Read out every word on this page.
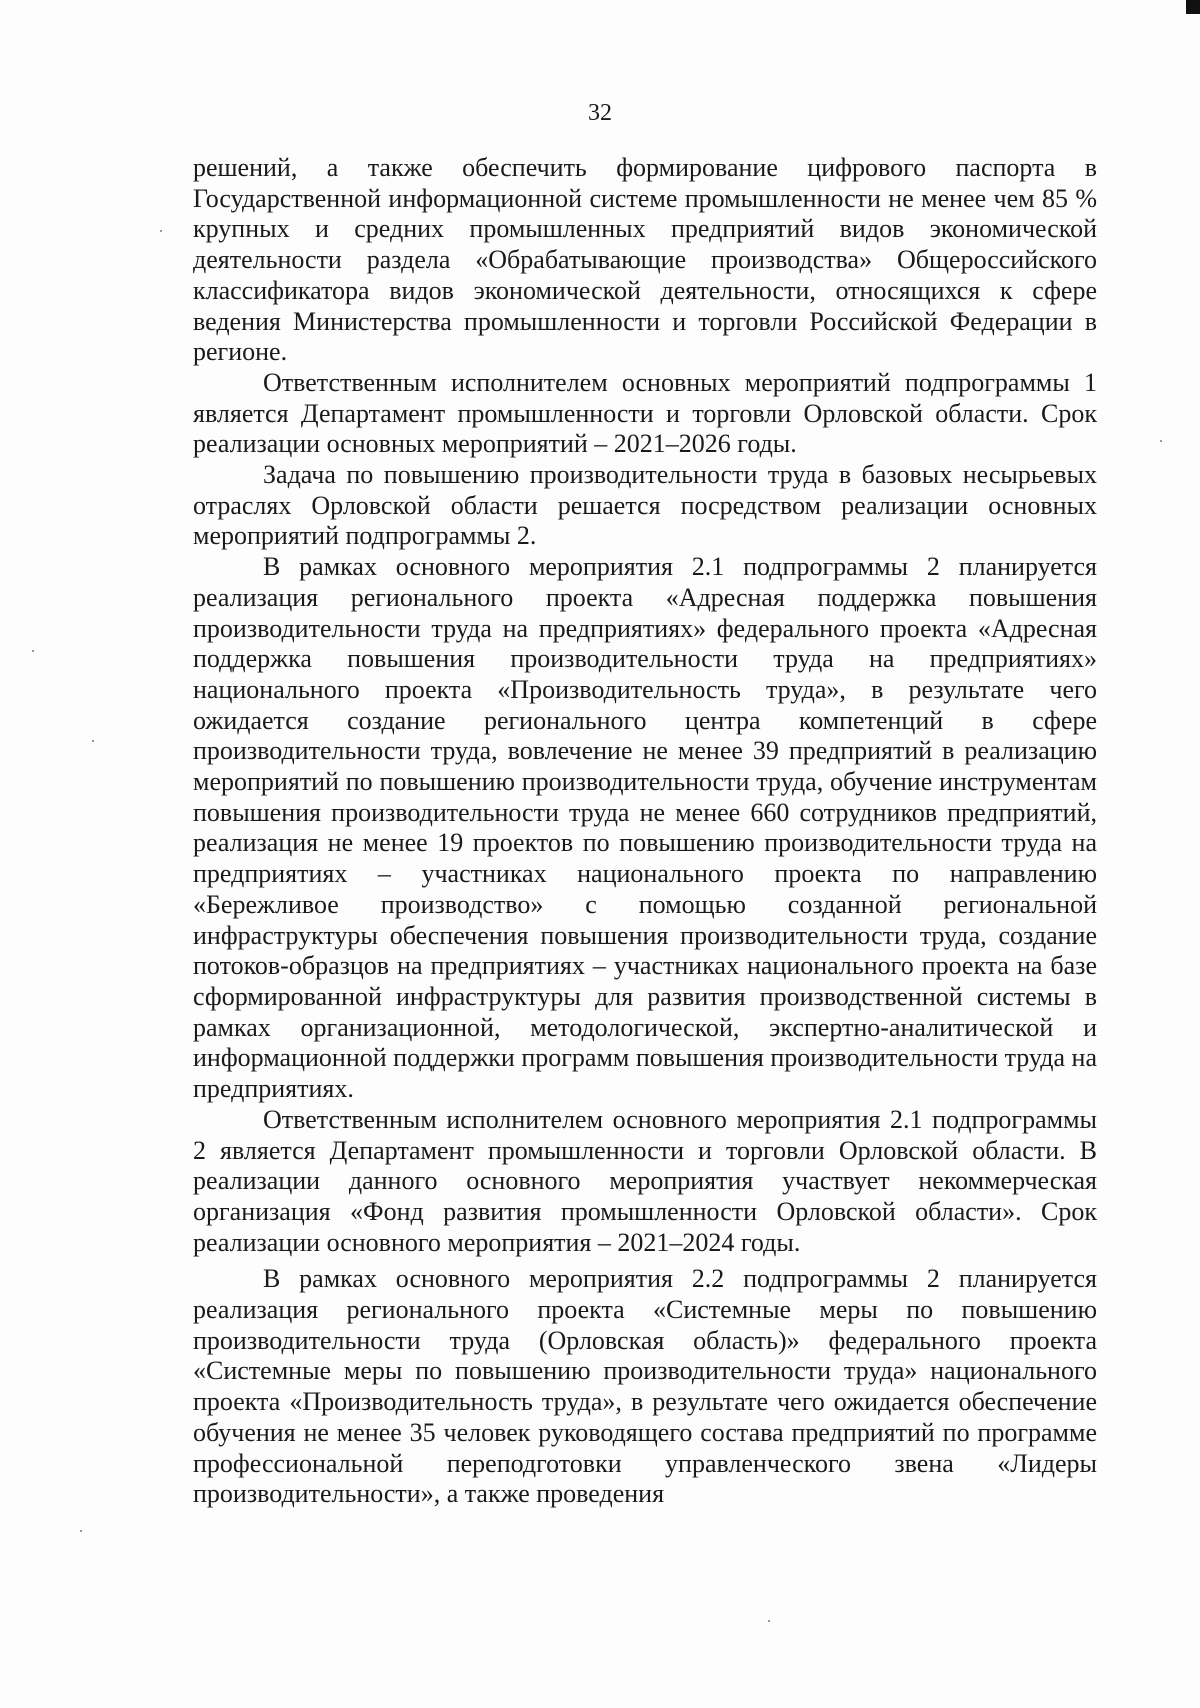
32

решений, а также обеспечить формирование цифрового паспорта в Государственной информационной системе промышленности не менее чем 85 % крупных и средних промышленных предприятий видов экономической деятельности раздела «Обрабатывающие производства» Общероссийского классификатора видов экономической деятельности, относящихся к сфере ведения Министерства промышленности и торговли Российской Федерации в регионе.

Ответственным исполнителем основных мероприятий подпрограммы 1 является Департамент промышленности и торговли Орловской области. Срок реализации основных мероприятий – 2021–2026 годы.

Задача по повышению производительности труда в базовых несырьевых отраслях Орловской области решается посредством реализации основных мероприятий подпрограммы 2.

В рамках основного мероприятия 2.1 подпрограммы 2 планируется реализация регионального проекта «Адресная поддержка повышения производительности труда на предприятиях» федерального проекта «Адресная поддержка повышения производительности труда на предприятиях» национального проекта «Производительность труда», в результате чего ожидается создание регионального центра компетенций в сфере производительности труда, вовлечение не менее 39 предприятий в реализацию мероприятий по повышению производительности труда, обучение инструментам повышения производительности труда не менее 660 сотрудников предприятий, реализация не менее 19 проектов по повышению производительности труда на предприятиях – участниках национального проекта по направлению «Бережливое производство» с помощью созданной региональной инфраструктуры обеспечения повышения производительности труда, создание потоков-образцов на предприятиях – участниках национального проекта на базе сформированной инфраструктуры для развития производственной системы в рамках организационной, методологической, экспертно-аналитической и информационной поддержки программ повышения производительности труда на предприятиях.

Ответственным исполнителем основного мероприятия 2.1 подпрограммы 2 является Департамент промышленности и торговли Орловской области. В реализации данного основного мероприятия участвует некоммерческая организация «Фонд развития промышленности Орловской области». Срок реализации основного мероприятия – 2021–2024 годы.

В рамках основного мероприятия 2.2 подпрограммы 2 планируется реализация регионального проекта «Системные меры по повышению производительности труда (Орловская область)» федерального проекта «Системные меры по повышению производительности труда» национального проекта «Производительность труда», в результате чего ожидается обеспечение обучения не менее 35 человек руководящего состава предприятий по программе профессиональной переподготовки управленческого звена «Лидеры производительности», а также проведения
